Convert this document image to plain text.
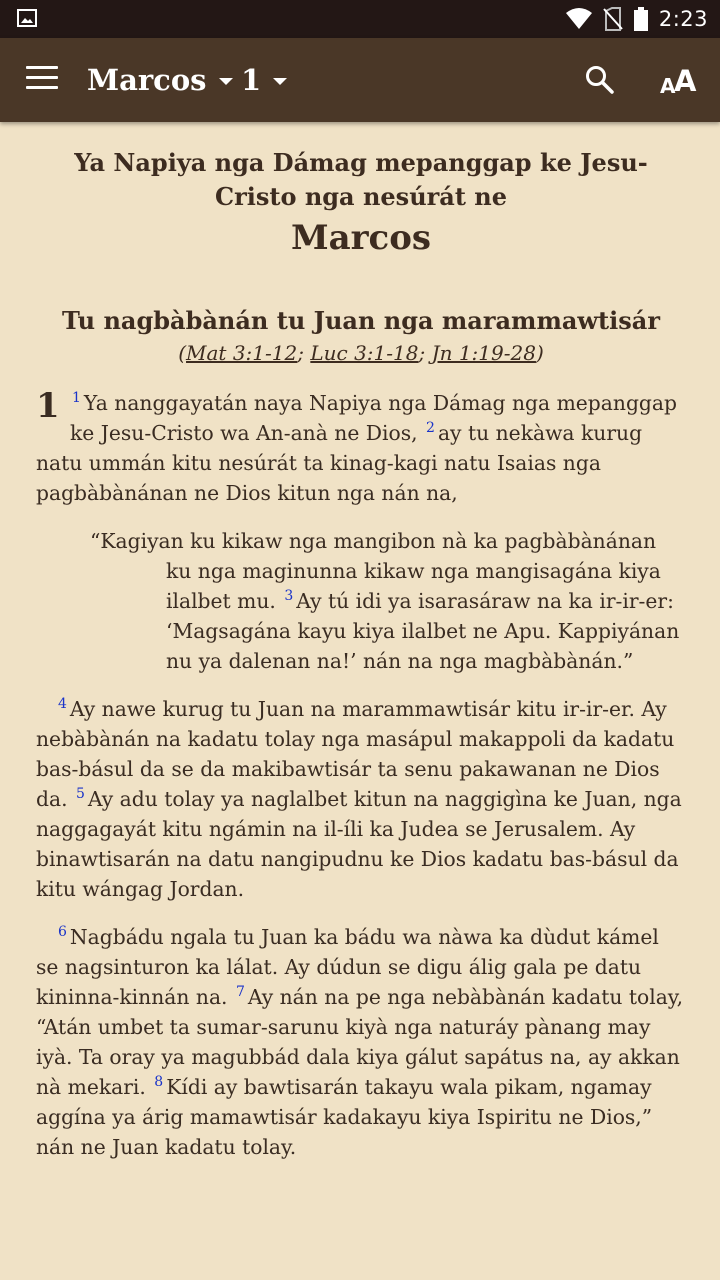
2:23
Marcos 1	A
A
Ya Napiya nga Dámag mepanggap ke Jesu-Cristo nga nesúrát ne
Marcos
Tu nagbàbànán tu Juan nga marammawtisár
(Mat 3:1-12; Luc 3:1-18; Jn 1:19-28)
1 $^1$ Ya nanggayatán naya Napiya nga Dámag nga mepanggap ke Jesu-Cristo wa An-anà ne Dios, $^2$ ay tu nekàwa kurug natu ummán kitu nesúrát ta kinag-kagi natu Isaias nga pagbàbànánan ne Dios kitun nga nán na,
“Kagiyan ku kikaw nga mangibon nà ka pagbàbànánan ku nga maginunna kikaw nga mangisagána kiya ilalbet mu. $^3$ Ay tú idi ya isarasáraw na ka ir-ir-er: ‘Magsagána kayu kiya ilalbet ne Apu. Kappiyánan nu ya dalenan na!’ nán na nga magbàbànán.”
$^4$ Ay nawe kurug tu Juan na marammawtisár kitu ir-ir-er. Ay nebàbànán na kadatu tolay nga masápul makappoli da kadatu bas-básul da se da makibawtisár ta senu pakawanan ne Dios da. $^5$ Ay adu tolay ya naglalbet kitun na naggigìna ke Juan, nga naggagayát kitu ngámin na il-íli ka Judea se Jerusalem. Ay binawtisarán na datu nangipudnu ke Dios kadatu bas-básul da kitu wángag Jordan.
$^6$ Nagbádu ngala tu Juan ka bádu wa nàwa ka dùdut kámel se nagsinturon ka lálat. Ay dúdun se digu álig gala pe datu kininna-kinnán na. $^7$ Ay nán na pe nga nebàbànán kadatu tolay, “Atán umbet ta sumar-sarunu kiyà nga naturáy pànang may iyà. Ta oray ya magubbád dala kiya gálut sapátus na, ay akkan nà mekari. $^8$ Kídi ay bawtisarán takayu wala pikam, ngamay aggína ya árig mamawtisár kadakayu kiya Ispiritu ne Dios,” nán ne Juan kadatu tolay.
